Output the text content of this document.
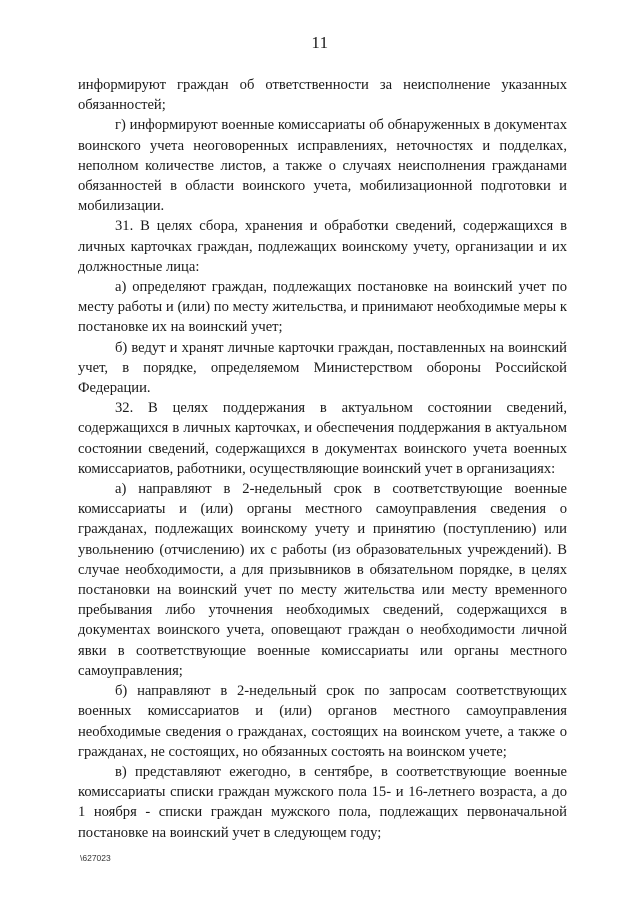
11

информируют граждан об ответственности за неисполнение указанных обязанностей;

г) информируют военные комиссариаты об обнаруженных в документах воинского учета неоговоренных исправлениях, неточностях и подделках, неполном количестве листов, а также о случаях неисполнения гражданами обязанностей в области воинского учета, мобилизационной подготовки и мобилизации.

31. В целях сбора, хранения и обработки сведений, содержащихся в личных карточках граждан, подлежащих воинскому учету, организации и их должностные лица:

а) определяют граждан, подлежащих постановке на воинский учет по месту работы и (или) по месту жительства, и принимают необходимые меры к постановке их на воинский учет;

б) ведут и хранят личные карточки граждан, поставленных на воинский учет, в порядке, определяемом Министерством обороны Российской Федерации.

32. В целях поддержания в актуальном состоянии сведений, содержащихся в личных карточках, и обеспечения поддержания в актуальном состоянии сведений, содержащихся в документах воинского учета военных комиссариатов, работники, осуществляющие воинский учет в организациях:

а) направляют в 2-недельный срок в соответствующие военные комиссариаты и (или) органы местного самоуправления сведения о гражданах, подлежащих воинскому учету и принятию (поступлению) или увольнению (отчислению) их с работы (из образовательных учреждений). В случае необходимости, а для призывников в обязательном порядке, в целях постановки на воинский учет по месту жительства или месту временного пребывания либо уточнения необходимых сведений, содержащихся в документах воинского учета, оповещают граждан о необходимости личной явки в соответствующие военные комиссариаты или органы местного самоуправления;

б) направляют в 2-недельный срок по запросам соответствующих военных комиссариатов и (или) органов местного самоуправления необходимые сведения о гражданах, состоящих на воинском учете, а также о гражданах, не состоящих, но обязанных состоять на воинском учете;

в) представляют ежегодно, в сентябре, в соответствующие военные комиссариаты списки граждан мужского пола 15- и 16-летнего возраста, а до 1 ноября - списки граждан мужского пола, подлежащих первоначальной постановке на воинский учет в следующем году;

\627023
